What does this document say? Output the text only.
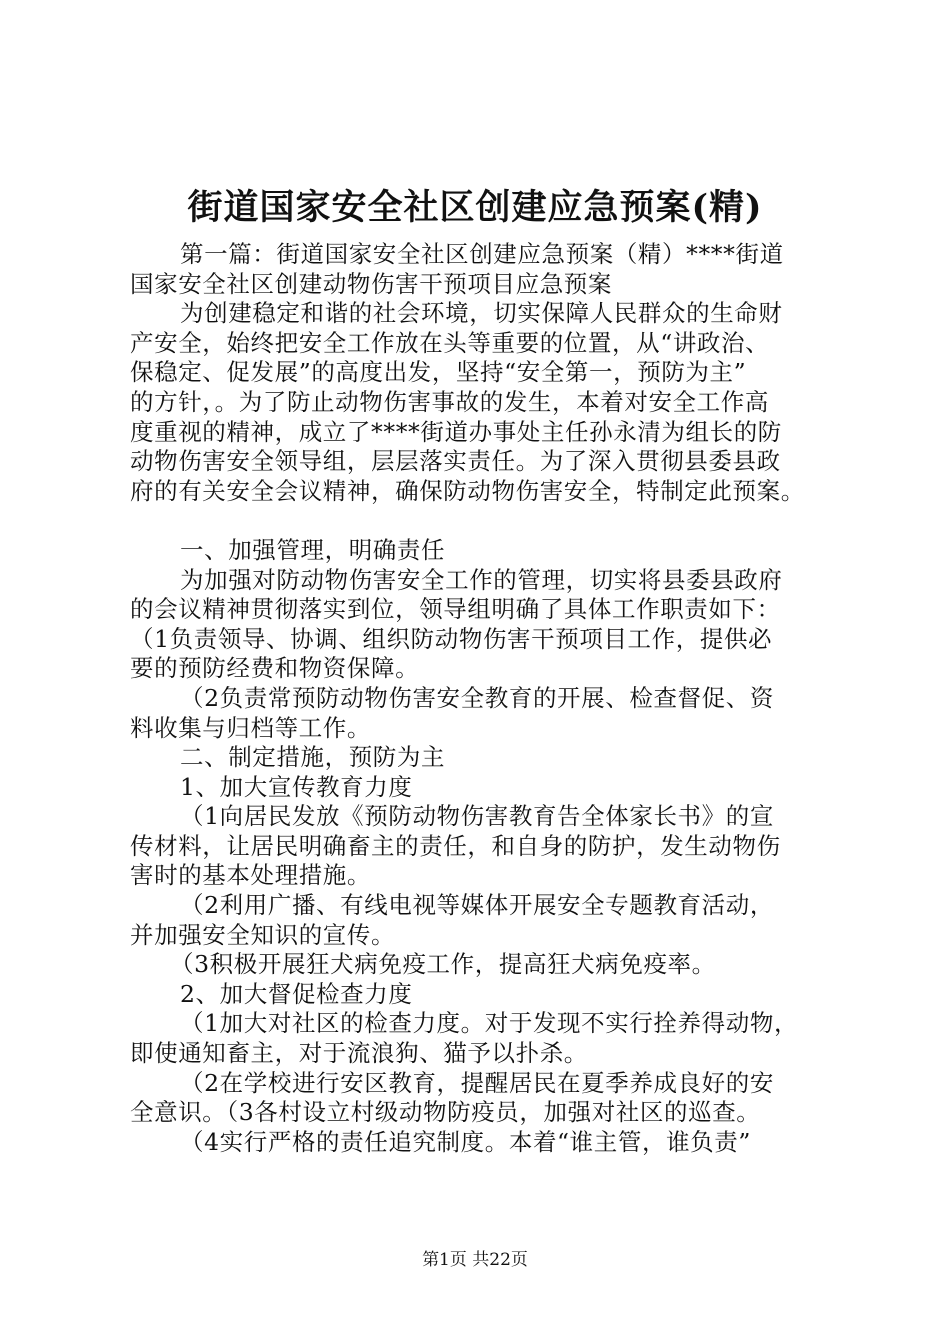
街道国家安全社区创建应急预案(精)
第一篇：街道国家安全社区创建应急预案（精）****街道
国家安全社区创建动物伤害干预项目应急预案
为创建稳定和谐的社会环境，切实保障人民群众的生命财
产安全，始终把安全工作放在头等重要的位置，从“讲政治、
保稳定、促发展”的高度出发，坚持“安全第一，预防为主”
的方针，。为了防止动物伤害事故的发生，本着对安全工作高
度重视的精神，成立了****街道办事处主任孙永清为组长的防
动物伤害安全领导组，层层落实责任。为了深入贯彻县委县政
府的有关安全会议精神，确保防动物伤害安全，特制定此预案。
一、加强管理，明确责任
为加强对防动物伤害安全工作的管理，切实将县委县政府
的会议精神贯彻落实到位，领导组明确了具体工作职责如下：
（1负责领导、协调、组织防动物伤害干预项目工作，提供必
要的预防经费和物资保障。
（2负责常预防动物伤害安全教育的开展、检查督促、资
料收集与归档等工作。
二、制定措施，预防为主
1、加大宣传教育力度
（1向居民发放《预防动物伤害教育告全体家长书》的宣
传材料，让居民明确畜主的责任，和自身的防护，发生动物伤
害时的基本处理措施。
（2利用广播、有线电视等媒体开展安全专题教育活动，
并加强安全知识的宣传。
（3积极开展狂犬病免疫工作，提高狂犬病免疫率。
2、加大督促检查力度
（1加大对社区的检查力度。对于发现不实行拴养得动物，
即使通知畜主，对于流浪狗、猫予以扑杀。
（2在学校进行安区教育，提醒居民在夏季养成良好的安
全意识。（3各村设立村级动物防疫员，加强对社区的巡查。
（4实行严格的责任追究制度。本着“谁主管，谁负责”
第1页 共22页
